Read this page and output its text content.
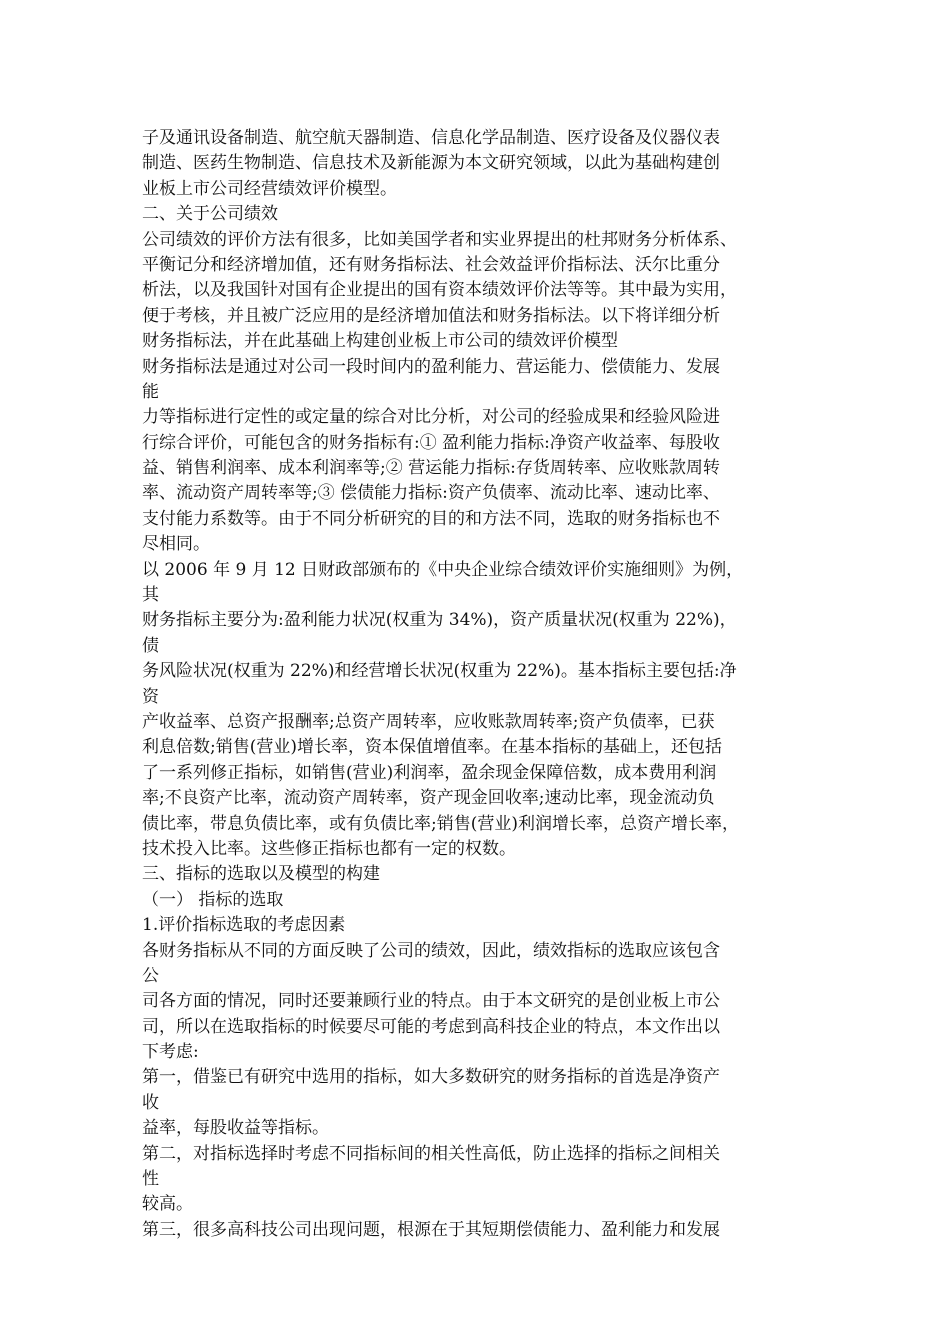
子及通讯设备制造、航空航天器制造、信息化学品制造、医疗设备及仪器仪表
制造、医药生物制造、信息技术及新能源为本文研究领域，以此为基础构建创
业板上市公司经营绩效评价模型。
二、关于公司绩效
公司绩效的评价方法有很多，比如美国学者和实业界提出的杜邦财务分析体系、
平衡记分和经济增加值，还有财务指标法、社会效益评价指标法、沃尔比重分
析法，以及我国针对国有企业提出的国有资本绩效评价法等等。其中最为实用，
便于考核，并且被广泛应用的是经济增加值法和财务指标法。以下将详细分析
财务指标法，并在此基础上构建创业板上市公司的绩效评价模型
财务指标法是通过对公司一段时间内的盈利能力、营运能力、偿债能力、发展
能
力等指标进行定性的或定量的综合对比分析，对公司的经验成果和经验风险进
行综合评价，可能包含的财务指标有:① 盈利能力指标:净资产收益率、每股收
益、销售利润率、成本利润率等;② 营运能力指标:存货周转率、应收账款周转
率、流动资产周转率等;③ 偿债能力指标:资产负债率、流动比率、速动比率、
支付能力系数等。由于不同分析研究的目的和方法不同，选取的财务指标也不
尽相同。
以 2006 年 9 月 12 日财政部颁布的《中央企业综合绩效评价实施细则》为例，
其
财务指标主要分为:盈利能力状况(权重为 34%)，资产质量状况(权重为 22%)，
债
务风险状况(权重为 22%)和经营增长状况(权重为 22%)。基本指标主要包括:净
资
产收益率、总资产报酬率;总资产周转率，应收账款周转率;资产负债率，已获
利息倍数;销售(营业)增长率，资本保值增值率。在基本指标的基础上，还包括
了一系列修正指标，如销售(营业)利润率，盈余现金保障倍数，成本费用利润
率;不良资产比率，流动资产周转率，资产现金回收率;速动比率，现金流动负
债比率，带息负债比率，或有负债比率;销售(营业)利润增长率，总资产增长率，
技术投入比率。这些修正指标也都有一定的权数。
三、指标的选取以及模型的构建
（一） 指标的选取
1.评价指标选取的考虑因素
各财务指标从不同的方面反映了公司的绩效，因此，绩效指标的选取应该包含
公
司各方面的情况，同时还要兼顾行业的特点。由于本文研究的是创业板上市公
司，所以在选取指标的时候要尽可能的考虑到高科技企业的特点，本文作出以
下考虑:
第一，借鉴已有研究中选用的指标，如大多数研究的财务指标的首选是净资产
收
益率，每股收益等指标。
第二，对指标选择时考虑不同指标间的相关性高低，防止选择的指标之间相关
性
较高。
第三，很多高科技公司出现问题，根源在于其短期偿债能力、盈利能力和发展
